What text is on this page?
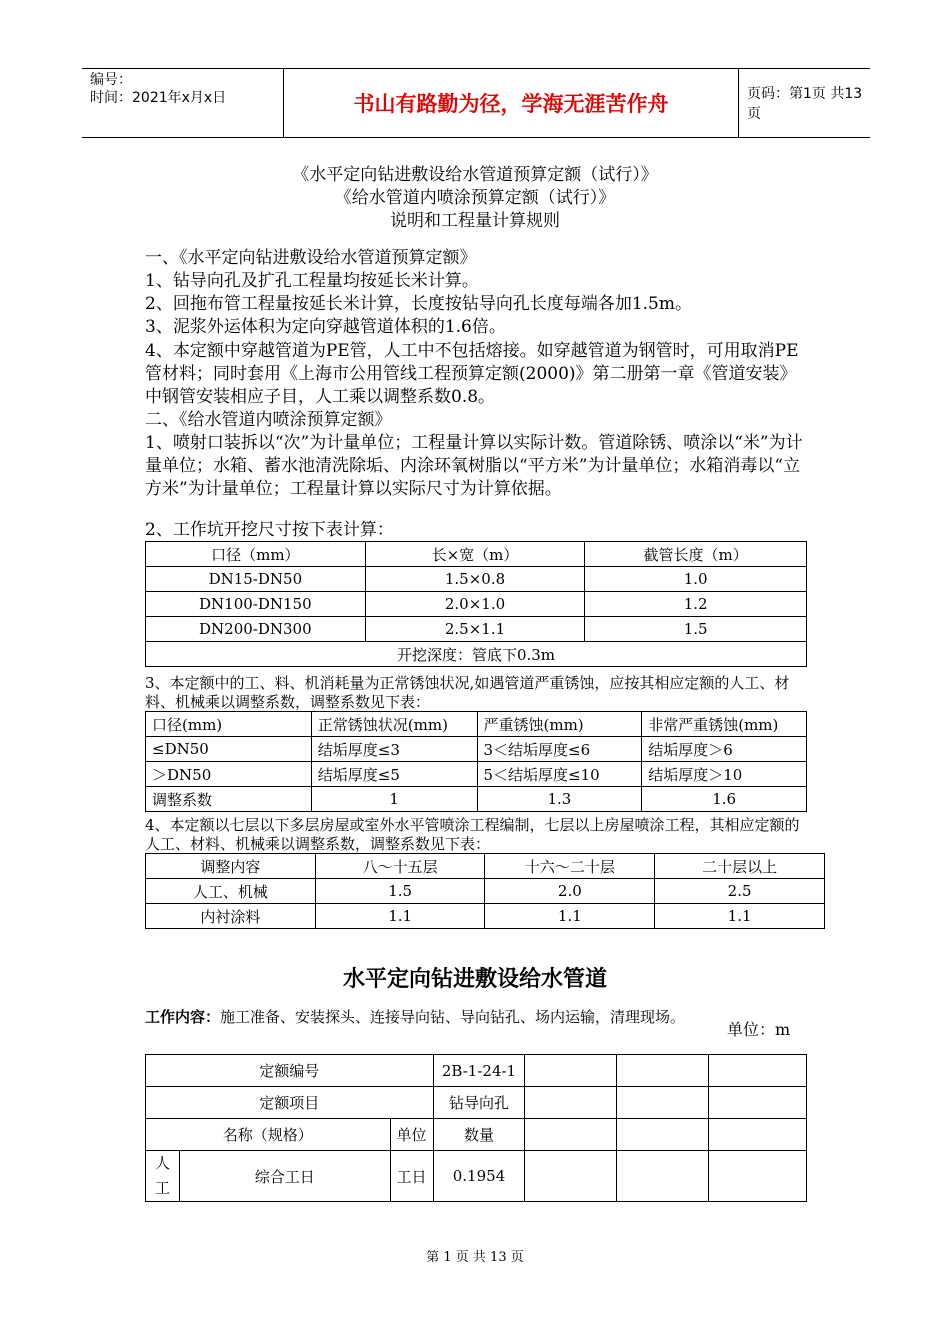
编号：
时间：2021年x月x日	书山有路勤为径，学海无涯苦作舟	页码：第1页 共13页
《水平定向钻进敷设给水管道预算定额（试行）》
《给水管道内喷涂预算定额（试行）》
说明和工程量计算规则
一、《水平定向钻进敷设给水管道预算定额》
1、钻导向孔及扩孔工程量均按延长米计算。
2、回拖布管工程量按延长米计算，长度按钻导向孔长度每端各加1.5m。
3、泥浆外运体积为定向穿越管道体积的1.6倍。
4、本定额中穿越管道为PE管，人工中不包括熔接。如穿越管道为钢管时，可用取消PE管材料；同时套用《上海市公用管线工程预算定额(2000)》第二册第一章《管道安装》中钢管安装相应子目，人工乘以调整系数0.8。
二、《给水管道内喷涂预算定额》
1、喷射口装拆以“次”为计量单位；工程量计算以实际计数。管道除锈、喷涂以“米”为计量单位；水箱、蓄水池清洗除垢、内涂环氧树脂以“平方米”为计量单位；水箱消毒以“立方米”为计量单位；工程量计算以实际尺寸为计算依据。
2、工作坑开挖尺寸按下表计算：
口径（mm）	长×宽（m）	截管长度（m）
DN15-DN50	1.5×0.8	1.0
DN100-DN150	2.0×1.0	1.2
DN200-DN300	2.5×1.1	1.5
开挖深度：管底下0.3m		
3、本定额中的工、料、机消耗量为正常锈蚀状况,如遇管道严重锈蚀，应按其相应定额的人工、材料、机械乘以调整系数，调整系数见下表：
口径(mm)	正常锈蚀状况(mm)	严重锈蚀(mm)	非常严重锈蚀(mm)
≤DN50	结垢厚度≤3	3＜结垢厚度≤6	结垢厚度＞6
＞DN50	结垢厚度≤5	5＜结垢厚度≤10	结垢厚度＞10
调整系数	1	1.3	1.6
4、本定额以七层以下多层房屋或室外水平管喷涂工程编制，七层以上房屋喷涂工程，其相应定额的人工、材料、机械乘以调整系数，调整系数见下表：
调整内容	八～十五层	十六～二十层	二十层以上
人工、机械	1.5	2.0	2.5
内衬涂料	1.1	1.1	1.1
水平定向钻进敷设给水管道
工作内容：施工准备、安装探头、连接导向钻、导向钻孔、场内运输，清理现场。
单位：m
定额编号			2B-1-24-1			
定额项目			钻导向孔			
名称（规格）		单位	数量			
人工	综合工日	工日	0.1954			
第 1 页 共 13 页
